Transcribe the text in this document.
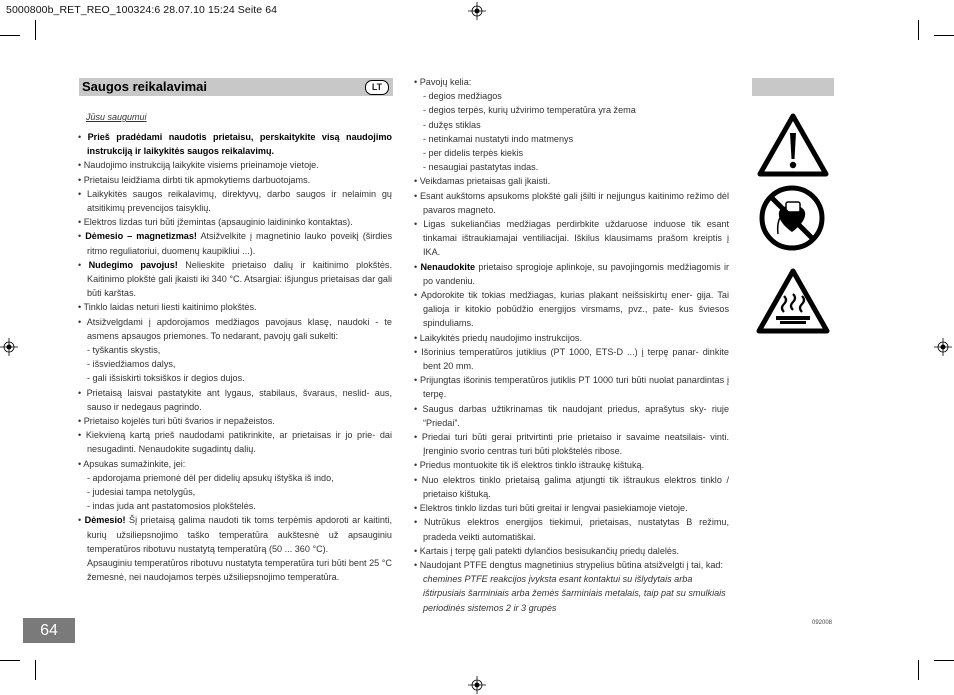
5000800b_RET_REO_100324:6 28.07.10 15:24 Seite 64
Saugos reikalavimai	LT
Jūsu saugumui

• Prieš pradėdami naudotis prietaisu, perskaitykite visą naudojimo instrukciją ir laikykitės saugos reikalavimų.

• Naudojimo instrukciją laikykite visiems prieinamoje vietoje.

• Prietaisu leidžiama dirbti tik apmokytiems darbuotojams.

• Laikykitės saugos reikalavimų, direktyvų, darbo saugos ir nelaimin gų atsitikimų prevencijos taisyklių.

• Elektros lizdas turi būti įžemintas (apsauginio laidininko kontaktas).

• Dėmesio – magnetizmas! Atsižvelkite į magnetinio lauko poveikį (širdies ritmo reguliatoriui, duomenų kaupikliui ...).

• Nudegimo pavojus! Nelieskite prietaiso dalių ir kaitinimo plokštės. Kaitinimo plokštė gali įkaisti iki 340 °C. Atsargiai: išjungus prietaisas dar gali būti karštas.

• Tinklo laidas neturi liesti kaitinimo plokštės.

• Atsižvelgdami į apdorojamos medžiagos pavojaus klasę, naudoki - te asmens apsaugos priemones. To nedarant, pavojų gali sukelti:

- tyškantis skystis,

- išsviedžiamos dalys,

- gali išsiskirti toksiškos ir degios dujos.

• Prietaisą laisvai pastatykite ant lygaus, stabilaus, švaraus, neslid- aus, sauso ir nedegaus pagrindo.

• Prietaiso kojelės turi būti švarios ir nepažeistos.

• Kiekvieną kartą prieš naudodami patikrinkite, ar prietaisas ir jo prie- dai nesugadinti. Nenaudokite sugadintų dalių.

• Apsukas sumažinkite, jei:

- apdorojama priemonė dėl per didelių apsukų ištyška iš indo,

- judesiai tampa netolygūs,

- indas juda ant pastatomosios plokštelės.

• Dėmesio! Šį prietaisą galima naudoti tik toms terpėmis apdoroti ar kaitinti, kurių užsiliepsnojimo taško temperatūra aukštesnė už apsauginiu temperatūros ribotuvu nustatytą temperatūrą (50 ... 360 °C).

Apsauginiu temperatūros ribotuvu nustatyta temperatūra turi būti bent 25 °C žemesnė, nei naudojamos terpės užsiliepsnojimo temperatūra.

• Pavojų kelia:

- degios medžiagos

- degios terpės, kurių užvirimo temperatūra yra žema

- dužęs stiklas

- netinkamai nustatyti indo matmenys

- per didelis terpės kiekis

- nesaugiai pastatytas indas.

• Veikdamas prietaisas gali įkaisti.

• Esant aukštoms apsukoms plokštė gali įšilti ir neįjungus kaitinimo režimo dėl pavaros magneto.

• Ligas sukeliančias medžiagas perdirbkite uždaruose induose tik esant tinkamai ištraukiamajai ventiliacijai. Iškilus klausimams prašom kreiptis į IKA.

• Nenaudokite prietaiso sprogioje aplinkoje, su pavojingomis medžiagomis ir po vandeniu.

• Apdorokite tik tokias medžiagas, kurias plakant neišsiskirtų ener- gija. Tai galioja ir kitokio pobūdžio energijos virsmams, pvz., pate- kus šviesos spinduliams.

• Laikykitės priedų naudojimo instrukcijos.

• Išorinius temperatūros jutiklius (PT 1000, ETS-D ...) į terpę panar- dinkite bent 20 mm.

• Prijungtas išorinis temperatūros jutiklis PT 1000 turi būti nuolat panardintas į terpę.

• Saugus darbas užtikrinamas tik naudojant priedus, aprašytus sky- riuje “Priedai”.

• Priedai turi būti gerai pritvirtinti prie prietaiso ir savaime neatsilais- vinti. Įrenginio svorio centras turi būti plokštelės ribose.

• Priedus montuokite tik iš elektros tinklo ištraukę kištuką.

• Nuo elektros tinklo prietaisą galima atjungti tik ištraukus elektros tinklo / prietaiso kištuką.

• Elektros tinklo lizdas turi būti greitai ir lengvai pasiekiamoje vietoje.

• Nutrūkus elektros energijos tiekimui, prietaisas, nustatytas B režimu, pradeda veikti automatiškai.

• Kartais į terpę gali patekti dylančios besisukančių priedų dalelės.

• Naudojant PTFE dengtus magnetinius strypelius būtina atsižvelgti į tai, kad:

chemines PTFE reakcijos įvyksta esant kontaktui su išlydytais arba ištirpusiais šarminiais arba žemės šarminiais metalais, taip pat su smulkiais periodinės sistemos 2 ir 3 grupės

64	092008
